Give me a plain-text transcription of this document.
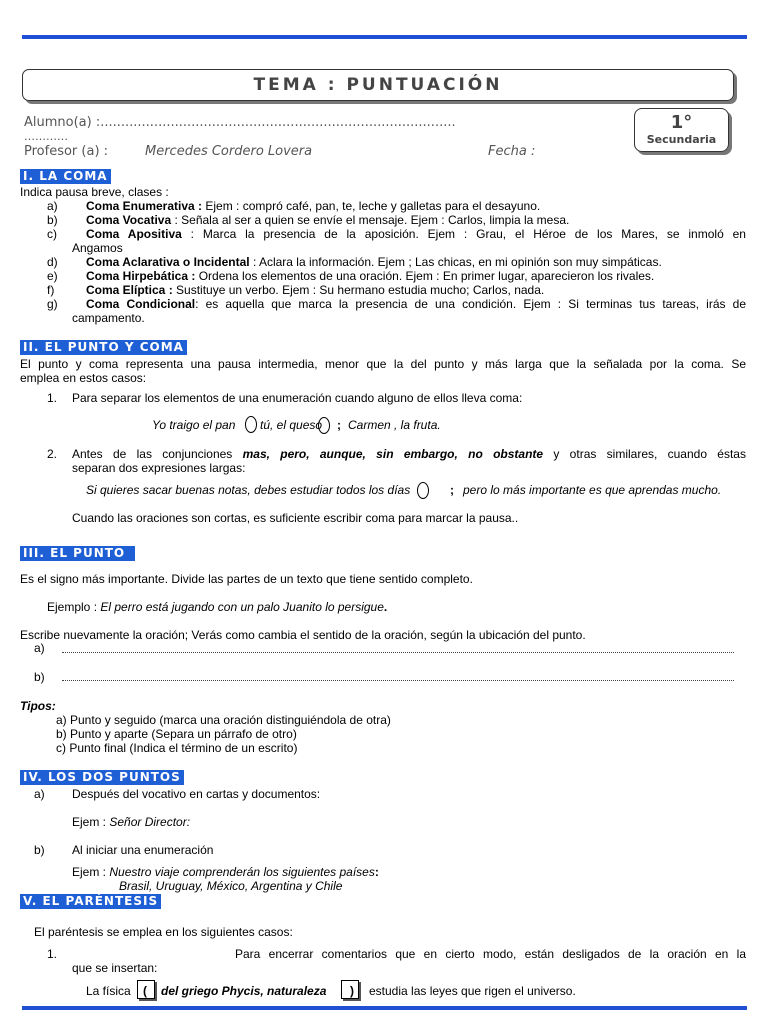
TEMA : PUNTUACIÓN
1°
Secundaria
Alumno(a) :......................................................................................
…………
Profesor (a) :	Mercedes Cordero Lovera	Fecha :
I. LA COMA
Indica pausa breve, clases :
a) Coma Enumerativa : Ejem : compró café, pan, te, leche y galletas para el desayuno.
b) Coma Vocativa : Señala al ser a quien se envíe el mensaje. Ejem : Carlos, limpia la mesa.
c) Coma Apositiva : Marca la presencia de la aposición. Ejem : Grau, el Héroe de los Mares, se inmoló en
Angamos
d) Coma Aclarativa o Incidental : Aclara la información. Ejem ; Las chicas, en mi opinión son muy simpáticas.
e) Coma Hirpebática : Ordena los elementos de una oración. Ejem : En primer lugar, aparecieron los rivales.
f)	Coma Elíptica : Sustituye un verbo. Ejem : Su hermano estudia mucho; Carlos, nada.
g) Coma Condicional: es aquella que marca la presencia de una condición. Ejem : Si terminas tus tareas, irás de
campamento.
II. EL PUNTO Y COMA
El punto y coma representa una pausa intermedia, menor que la del punto y más larga que la señalada por la coma. Se
emplea en estos casos:
1. Para separar los elementos de una enumeración cuando alguno de ellos lleva coma:
Yo traigo el pan tú, el queso ; Carmen , la fruta.
2. Antes de las conjunciones mas, pero, aunque, sin embargo, no obstante y otras similares, cuando éstas
separan dos expresiones largas:
Si quieres sacar buenas notas, debes estudiar todos los días	; pero lo más importante es que aprendas mucho.
Cuando las oraciones son cortas, es suficiente escribir coma para marcar la pausa..
III. EL PUNTO
Es el signo más importante. Divide las partes de un texto que tiene sentido completo.
Ejemplo : El perro está jugando con un palo Juanito lo persigue.
Escribe nuevamente la oración; Verás como cambia el sentido de la oración, según la ubicación del punto.
a)
b)
Tipos:
a) Punto y seguido (marca una oración distinguiéndola de otra)
b) Punto y aparte (Separa un párrafo de otro)
c) Punto final (Indica el término de un escrito)
IV. LOS DOS PUNTOS
a) Después del vocativo en cartas y documentos:
Ejem : Señor Director:
b) Al iniciar una enumeración
Ejem : Nuestro viaje comprenderán los siguientes países:
Brasil, Uruguay, México, Argentina y Chile
V. EL PARÉNTESIS
El paréntesis se emplea en los siguientes casos:
1.	Para encerrar comentarios que en cierto modo, están desligados de la oración en la
que se insertan:
La física ( del griego Phycis, naturaleza ) estudia las leyes que rigen el universo.
